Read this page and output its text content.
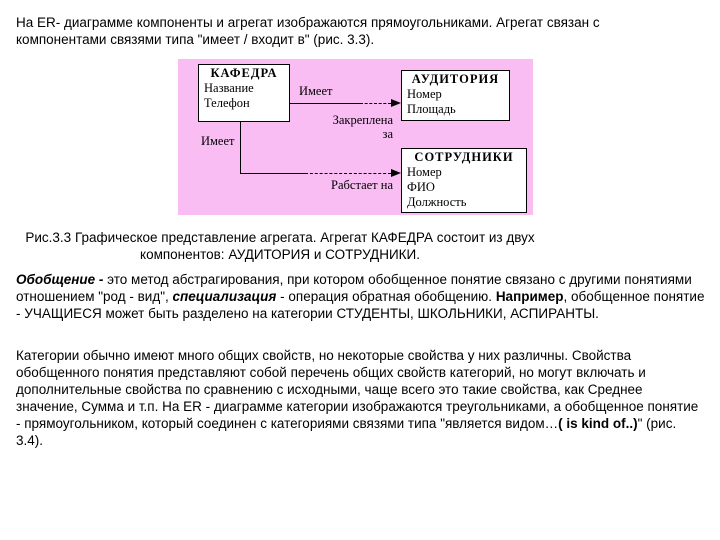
На ER- диаграмме компоненты и агрегат изображаются прямоугольниками. Агрегат связан с компонентами связями типа "имеет / входит в" (рис. 3.3).

КАФЕДРА
Название
Телефон
АУДИТОРИЯ
Номер
Площадь
СОТРУДНИКИ
Номер
ФИО
Должность
Имеет
Закреплена за
Имеет
Рабстает на

Рис.3.3 Графическое представление агрегата. Агрегат КАФЕДРА состоит из двух компонентов: АУДИТОРИЯ и СОТРУДНИКИ.

Обобщение - это метод абстрагирования, при котором обобщенное понятие связано с другими понятиями отношением "род - вид", специализация - операция обратная обобщению. Например, обобщенное понятие - УЧАЩИЕСЯ может быть разделено на категории СТУДЕНТЫ, ШКОЛЬНИКИ, АСПИРАНТЫ.

Категории обычно имеют много общих свойств, но некоторые свойства у них различны. Свойства обобщенного понятия представляют собой перечень общих свойств категорий, но могут включать и дополнительные свойства по сравнению с исходными, чаще всего это такие свойства, как Среднее значение, Сумма и т.п. На ER - диаграмме категории изображаются треугольниками, а обобщенное понятие - прямоугольником, который соединен с категориями связями типа "является видом…( is kind of..)" (рис. 3.4).
